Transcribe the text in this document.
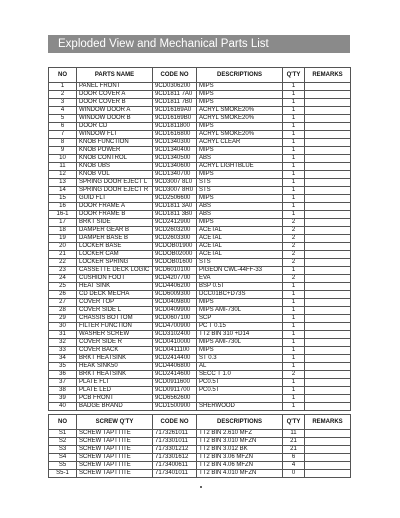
Exploded View and Mechanical Parts List
NO	PARTS NAME	CODE NO	DESCRIPTIONS	Q'TY	REMARKS
1	PANEL FRONT	9CD0306200	MIPS	1	
2	DOOR COVER A	9CD1811 7A0	MIPS	1	
3	DOOR COVER B	9CD1811 7B0	MIPS	1	
4	WINDOW DOOR A	9CD16169A0	ACRYL SMOKE20%	1	
5	WINDOW DOOR B	9CD16169B0	ACRYL SMOKE20%	1	
6	DOOR CD	9CD1811800	MIPS	1	
7	WINDOW FLT	9CD1616800	ACRYL SMOKE20%	1	
8	KNOB FUNCTION	9CD1340300	ACRYL CLEAR	1	
9	KNOB POWER	9CD1340400	MIPS	1	
10	KNOB CONTROL	9CD1340500	ABS	1	
11	KNOB UBS	9CD1340600	ACRYL LIGHTBLUE	1	
12	KNOB VOL	9CD1340700	MIPS	1	
13	SPRING DOOR EJECT L	9CD3007 8L0	STS	1	
14	SPRING DOOR EJECT R	9CD3007 8R0	STS	1	
15	GUID FLT	9CD2506600	MIPS	1	
16	DOOR FRAME A	9CD1811 3A0	ABS	1	
16-1	DOOR FRAME B	9CD1811 3B0	ABS	1	
17	BRKT SIDE	9CD2412900	MIPS	2	
18	DAMPER GEAR B	9CD2603200	ACETAL	2	
19	DAMPER BASE B	9CD2603300	ACETAL	2	
20	LOCKER BASE	9CDOB01900	ACETAL	2	
21	LOCKER CAM	9CDOB02000	ACETAL	2	
22	LOCKER SPRING	9CDOB01600	STS	2	
23	CASSETTE DECK LOGIC	9CD6010100	PIGEON CWL-44FF-33	1	
24	CUSHION FOOT	9CD4207700	EVA	2	
25	HEAT SINK	9CD4406200	BSP 0.5T	1	
26	CD DECK MECHA	9CD6009300	DCC01BC+D73S	1	
27	COVER TOP	9CD0409800	MIPS	1	
28	COVER SIDE L	9CD0409900	MIPS AMI-730L	1	
29	CHASSIS BOTTOM	9CD0607100	SCP	1	
30	FILTER FUNCTION	9CD4700900	PC T 0.15	1	
31	WASHER SCREW	9CD3102400	TT2 BIN 310 +D14	1	
32	COVER SIDE R	9CD0410000	MIPS AMI-730L	1	
33	COVER BACK	9CD0411100	MIPS	1	
34	BRKT HEATSINK	9CD2414400	ST 0.3	1	
35	HEAK SINK50	9CD4406800	AL	1	
36	BRKT HEATSINK	9CD2414600	SECC T 1.0	2	
37	PLATE FLT	9CD0911600	PC0.5T	1	
38	PLATE LED	9CD0911700	PC0.5T	1	
39	PCB FRONT	9CD6562600		1	
40	BADGE BRAND	9CD1500900	SHERWOOD	1	
NO	SCREW Q'TY	CODE NO	DESCRIPTIONS	Q'TY	REMARKS
S1	SCREW TAPTTITE	7173261011	TT2 BIN 2.610 MFZ	11	
S2	SCREW TAPTTITE	7173301011	TT2 BIN 3.010 MFZN	21	
S3	SCREW TAPTTITE	7173301212	TT2 BIN 3.012 BK	21	
S4	SCREW TAPTTITE	7173301612	TT2 BIN 3.06 MFZN	6	
S5	SCREW TAPTTITE	7173400611	TT2 BIN 4.06 MFZN	4	
S5-1	SCREW TAPTTITE	7173401011	TT2 BIN 4.010 MFZN	0	
